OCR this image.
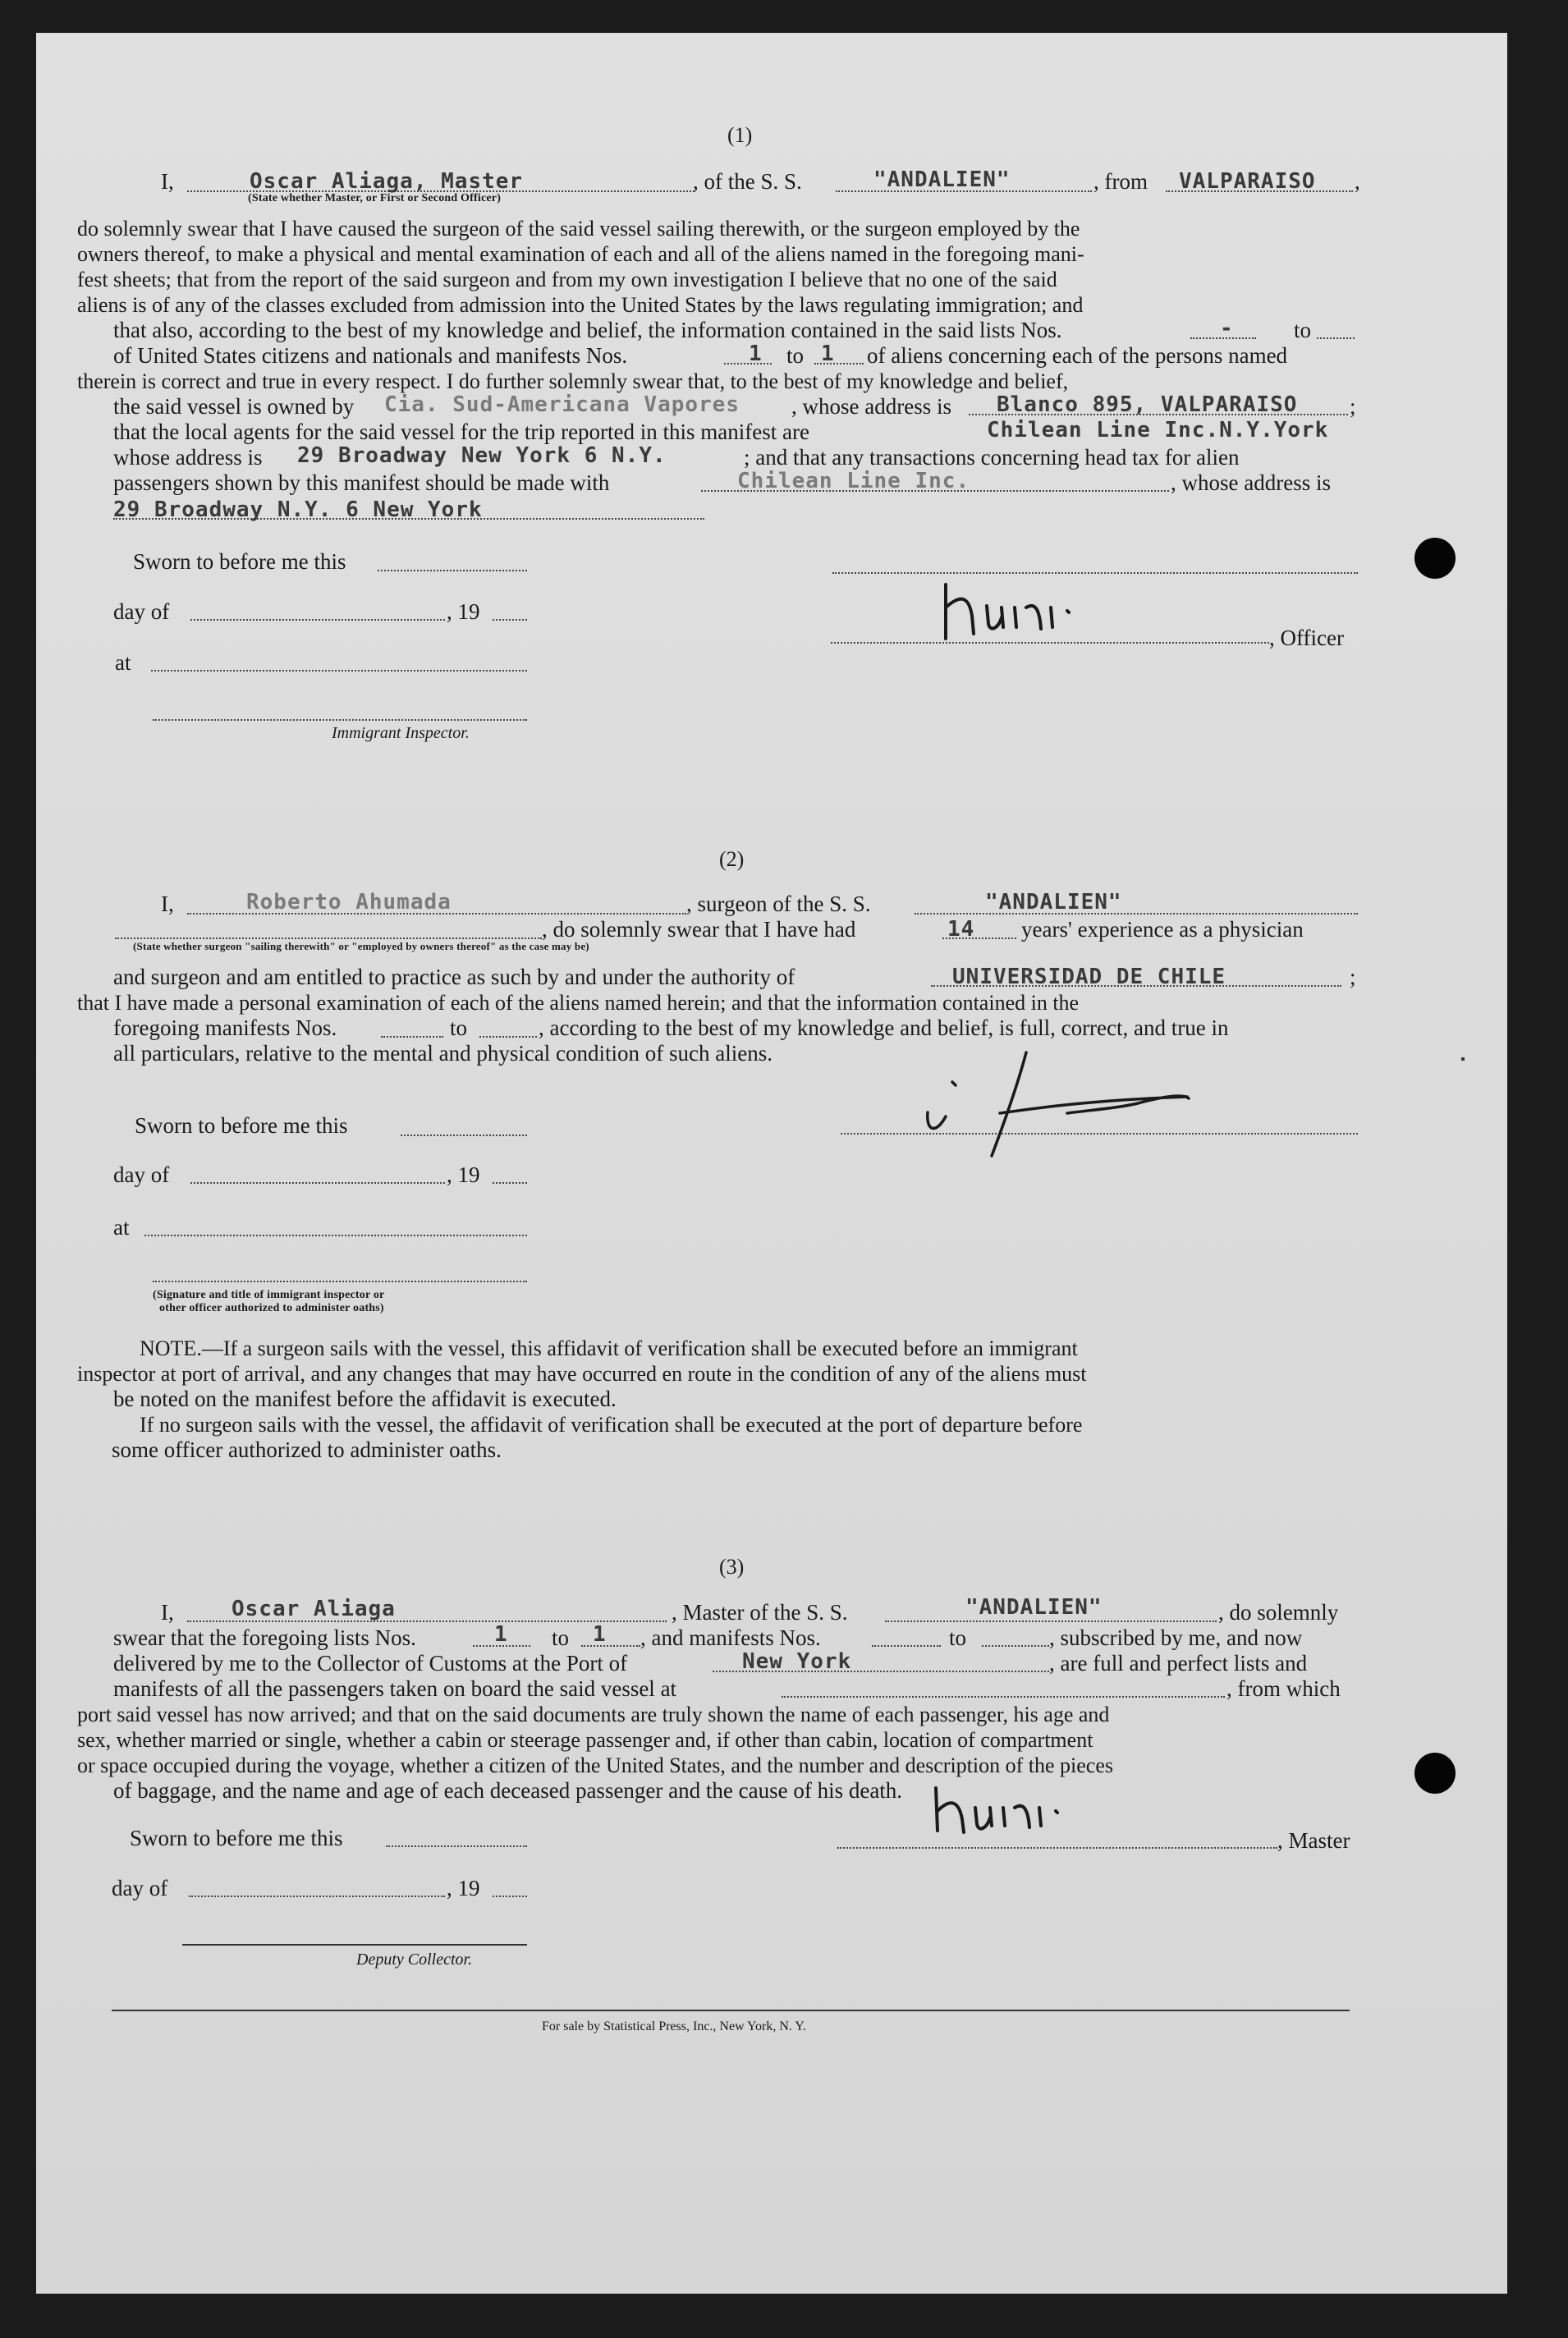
(1)
I,	Oscar Aliaga, Master
(State whether Master, or First or Second Officer)
, of the S. S.	"ANDALIEN"	, from VALPARAISO ,
do solemnly swear that I have caused the surgeon of the said vessel sailing therewith, or the surgeon employed by the
owners thereof, to make a physical and mental examination of each and all of the aliens named in the foregoing mani-
fest sheets; that from the report of the said surgeon and from my own investigation I believe that no one of the said
aliens is of any of the classes excluded from admission into the United States by the laws regulating immigration; and
that also, according to the best of my knowledge and belief, the information contained in the said lists Nos.	-	to
of United States citizens and nationals and manifests Nos.	1 to 1 of aliens concerning each of the persons named
therein is correct and true in every respect. I do further solemnly swear that, to the best of my knowledge and belief,
the said vessel is owned by Cia. Sud-Americana Vapores , whose address is Blanco 895, VALPARAISO ;
that the local agents for the said vessel for the trip reported in this manifest are	Chilean Line Inc.N.Y.York
whose address is 29 Broadway New York 6 N.Y.	; and that any transactions concerning head tax for alien
passengers shown by this manifest should be made with	Chilean Line Inc.	, whose address is
29 Broadway N.Y. 6 New York
Sworn to before me this
day of	, 19
at
Immigrant Inspector.
, Officer
(2)
I,	Roberto Ahumada	, surgeon of the S. S.	"ANDALIEN"
, do solemnly swear that I have had	14 years' experience as a physician
(State whether surgeon "sailing therewith" or "employed by owners thereof" as the case may be)
and surgeon and am entitled to practice as such by and under the authority of	UNIVERSIDAD DE CHILE	;
that I have made a personal examination of each of the aliens named herein; and that the information contained in the
foregoing manifests Nos.	to	, according to the best of my knowledge and belief, is full, correct, and true in
all particulars, relative to the mental and physical condition of such aliens.
Sworn to before me this
day of	, 19
at
(Signature and title of immigrant inspector or
other officer authorized to administer oaths)
NOTE.—If a surgeon sails with the vessel, this affidavit of verification shall be executed before an immigrant
inspector at port of arrival, and any changes that may have occurred en route in the condition of any of the aliens must
be noted on the manifest before the affidavit is executed.
If no surgeon sails with the vessel, the affidavit of verification shall be executed at the port of departure before
some officer authorized to administer oaths.
(3)
I,	Oscar Aliaga	, Master of the S. S.	"ANDALIEN"	, do solemnly
swear that the foregoing lists Nos.	1 to 1 , and manifests Nos.	to	, subscribed by me, and now
delivered by me to the Collector of Customs at the Port of	New York	, are full and perfect lists and
manifests of all the passengers taken on board the said vessel at	, from which
port said vessel has now arrived; and that on the said documents are truly shown the name of each passenger, his age and
sex, whether married or single, whether a cabin or steerage passenger and, if other than cabin, location of compartment
or space occupied during the voyage, whether a citizen of the United States, and the number and description of the pieces
of baggage, and the name and age of each deceased passenger and the cause of his death.
Sworn to before me this
day of	, 19
Deputy Collector.
, Master
For sale by Statistical Press, Inc., New York, N. Y.
